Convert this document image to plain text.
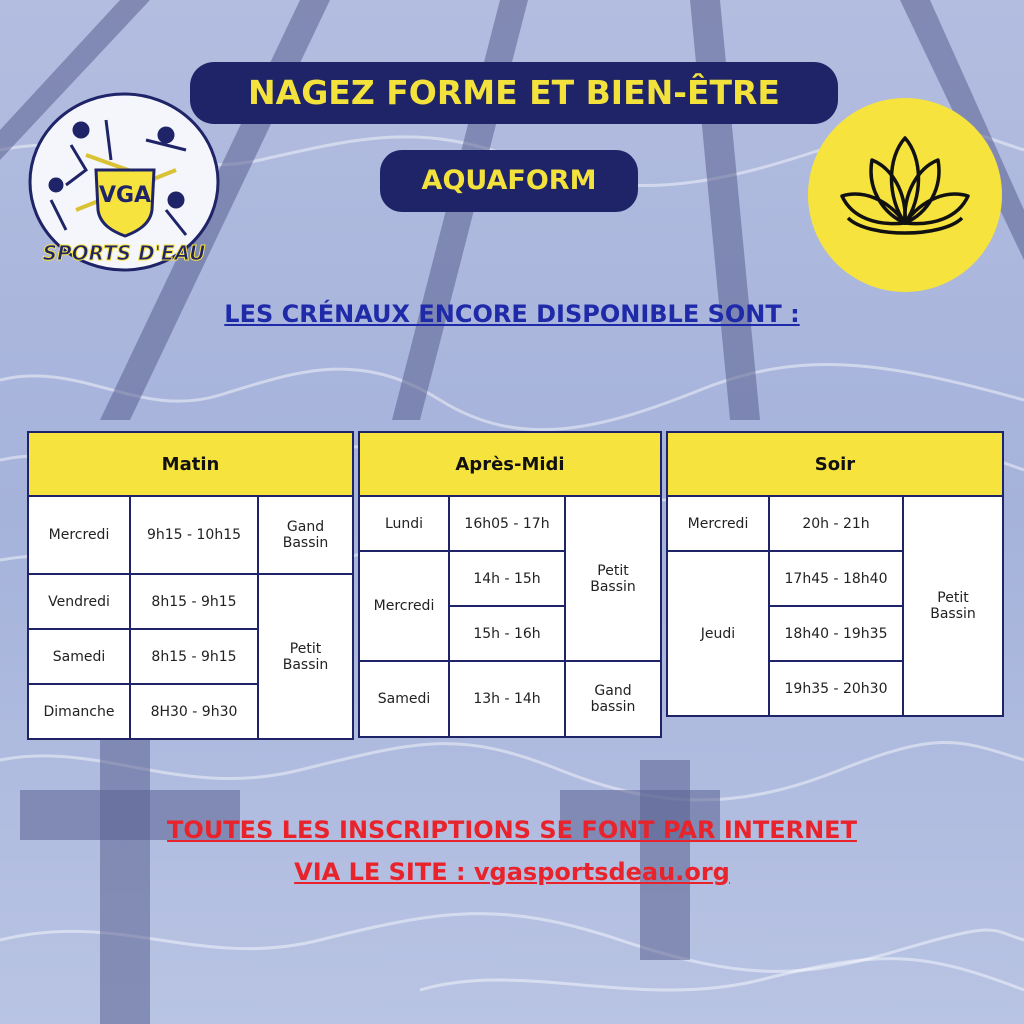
VGA
SPORTS D'EAU
NAGEZ FORME ET BIEN-ÊTRE
AQUAFORM

LES CRÉNAUX ENCORE DISPONIBLE SONT :

Matin		
Mercredi	9h15 - 10h15	Gand
Bassin
Vendredi	8h15 - 9h15	Petit
Bassin
Samedi	8h15 - 9h15	
Dimanche	8H30 - 9h30	
Après-Midi		
Lundi	16h05 - 17h	Petit
Bassin
Mercredi	14h - 15h	
	15h - 16h	
Samedi	13h - 14h	Gand
bassin
Soir		
Mercredi	20h - 21h	Petit
Bassin
Jeudi	17h45 - 18h40	
	18h40 - 19h35	
	19h35 - 20h30	

TOUTES LES INSCRIPTIONS SE FONT PAR INTERNET

VIA LE SITE : vgasportsdeau.org
